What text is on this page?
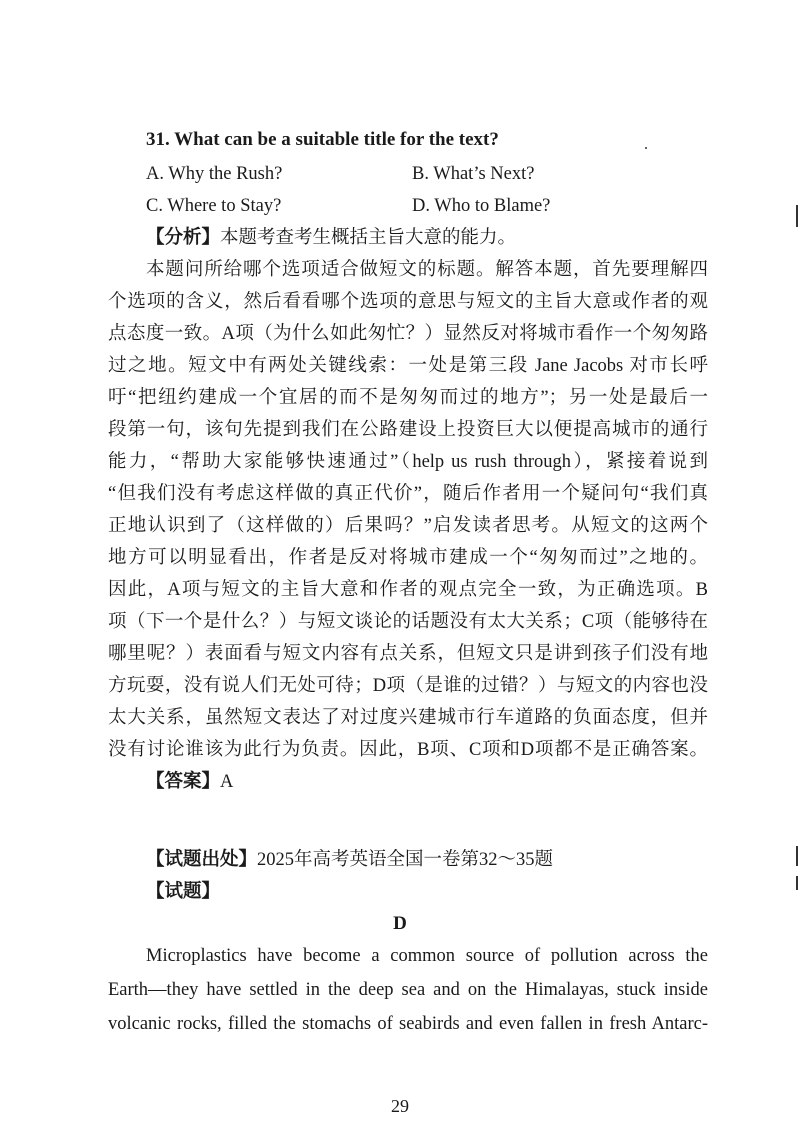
31. What can be a suitable title for the text?
A. Why the Rush?	B. What’s Next?
C. Where to Stay?	D. Who to Blame?
【分析】本题考查考生概括主旨大意的能力。
本题问所给哪个选项适合做短文的标题。解答本题，首先要理解四
个选项的含义，然后看看哪个选项的意思与短文的主旨大意或作者的观
点态度一致。A项（为什么如此匆忙？）显然反对将城市看作一个匆匆路
过之地。短文中有两处关键线索：一处是第三段 Jane Jacobs 对市长呼
吁“把纽约建成一个宜居的而不是匆匆而过的地方”；另一处是最后一
段第一句，该句先提到我们在公路建设上投资巨大以便提高城市的通行
能力，“帮助大家能够快速通过”（help us rush through），紧接着说到
“但我们没有考虑这样做的真正代价”，随后作者用一个疑问句“我们真
正地认识到了（这样做的）后果吗？”启发读者思考。从短文的这两个
地方可以明显看出，作者是反对将城市建成一个“匆匆而过”之地的。
因此，A项与短文的主旨大意和作者的观点完全一致，为正确选项。B
项（下一个是什么？）与短文谈论的话题没有太大关系；C项（能够待在
哪里呢？）表面看与短文内容有点关系，但短文只是讲到孩子们没有地
方玩耍，没有说人们无处可待；D项（是谁的过错？）与短文的内容也没
太大关系，虽然短文表达了对过度兴建城市行车道路的负面态度，但并
没有讨论谁该为此行为负责。因此，B项、C项和D项都不是正确答案。
【答案】A
【试题出处】2025年高考英语全国一卷第32～35题
【试题】
D
Microplastics have become a common source of pollution across the
Earth—they have settled in the deep sea and on the Himalayas, stuck inside
volcanic rocks, filled the stomachs of seabirds and even fallen in fresh Antarc-
29
